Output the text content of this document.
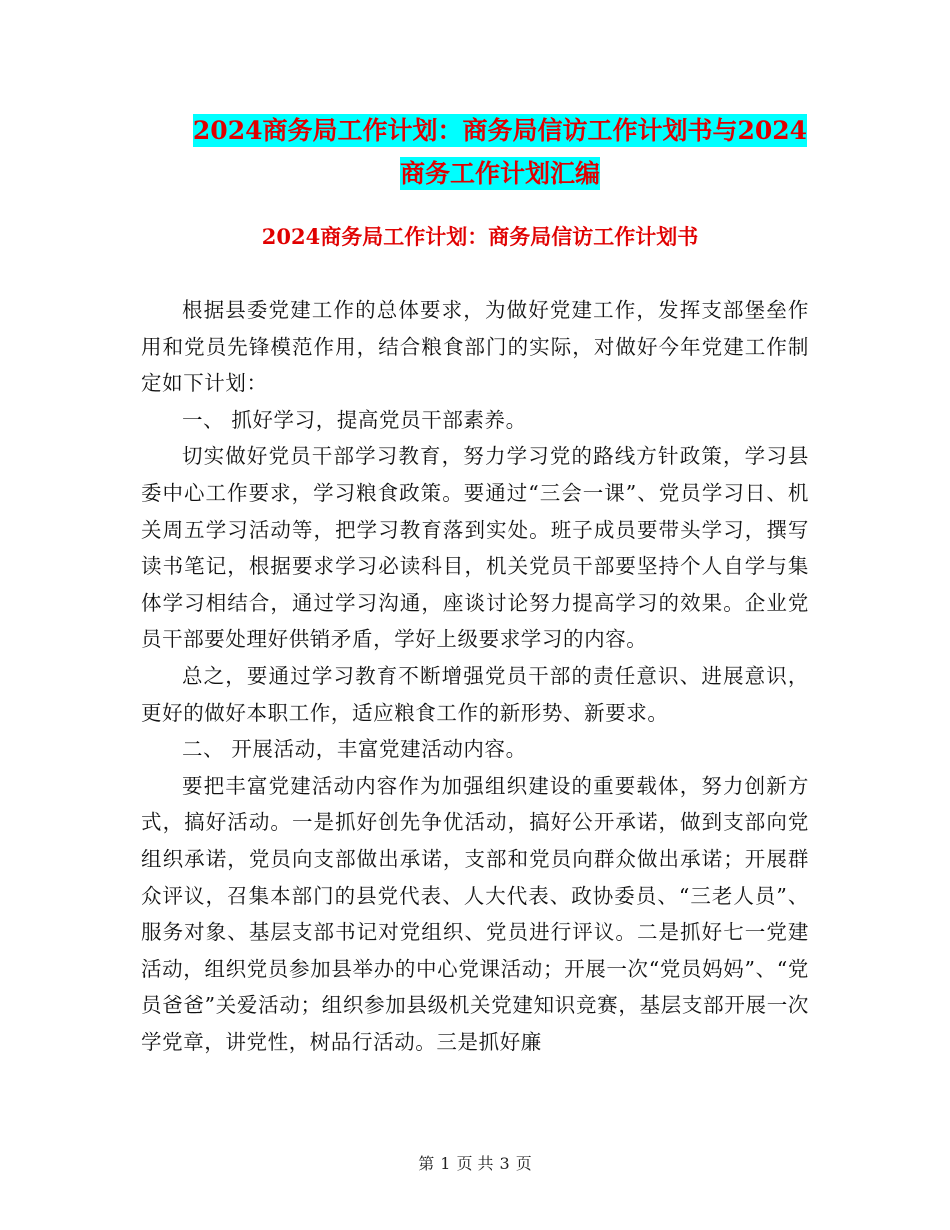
2024商务局工作计划：商务局信访工作计划书与2024
商务工作计划汇编
2024商务局工作计划：商务局信访工作计划书

根据县委党建工作的总体要求，为做好党建工作，发挥支部堡垒作用和党员先锋模范作用，结合粮食部门的实际，对做好今年党建工作制定如下计划：

一、 抓好学习，提高党员干部素养。

切实做好党员干部学习教育，努力学习党的路线方针政策，学习县委中心工作要求，学习粮食政策。要通过“三会一课”、党员学习日、机关周五学习活动等，把学习教育落到实处。班子成员要带头学习，撰写读书笔记，根据要求学习必读科目，机关党员干部要坚持个人自学与集体学习相结合，通过学习沟通，座谈讨论努力提高学习的效果。企业党员干部要处理好供销矛盾，学好上级要求学习的内容。

总之，要通过学习教育不断增强党员干部的责任意识、进展意识，更好的做好本职工作，适应粮食工作的新形势、新要求。

二、 开展活动，丰富党建活动内容。

要把丰富党建活动内容作为加强组织建设的重要载体，努力创新方式，搞好活动。一是抓好创先争优活动，搞好公开承诺，做到支部向党组织承诺，党员向支部做出承诺，支部和党员向群众做出承诺；开展群众评议，召集本部门的县党代表、人大代表、政协委员、“三老人员”、服务对象、基层支部书记对党组织、党员进行评议。二是抓好七一党建活动，组织党员参加县举办的中心党课活动；开展一次“党员妈妈”、“党员爸爸”关爱活动；组织参加县级机关党建知识竞赛，基层支部开展一次学党章，讲党性，树品行活动。三是抓好廉

第 1 页 共 3 页
